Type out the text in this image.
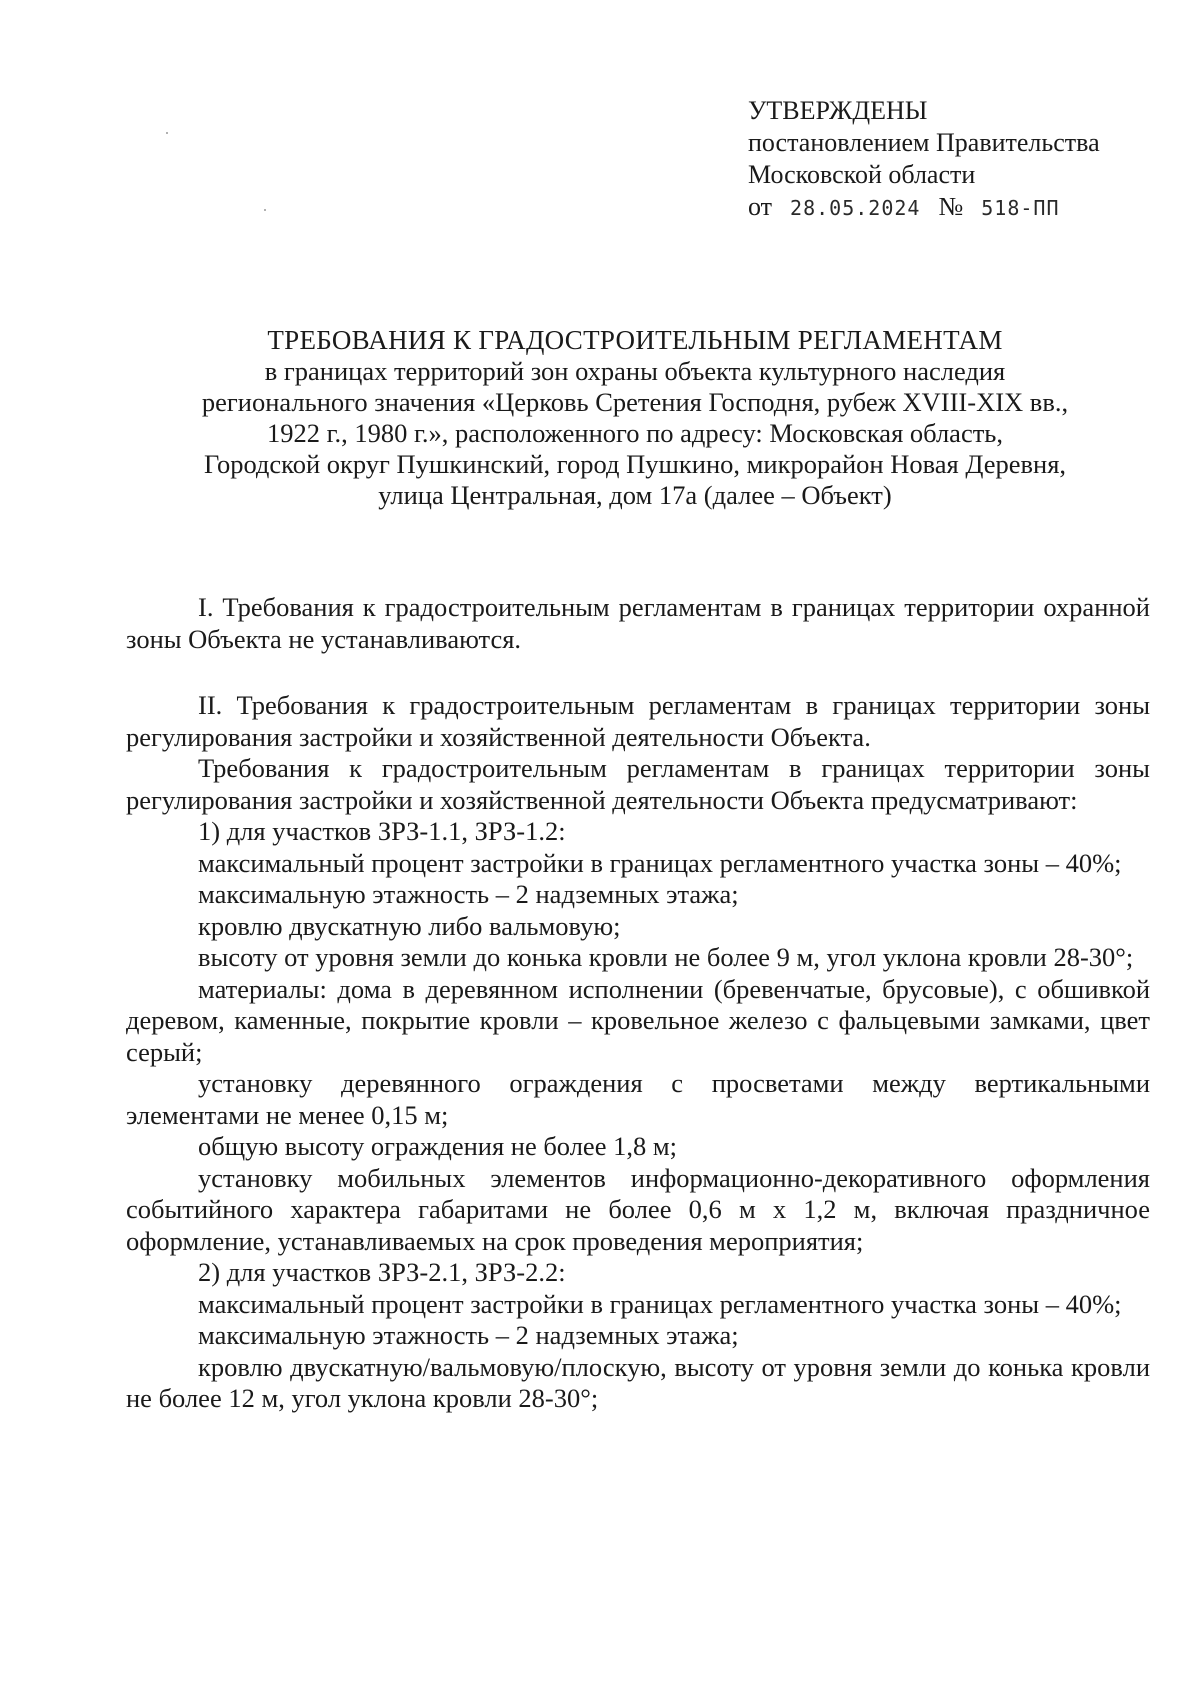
УТВЕРЖДЕНЫ
постановлением Правительства
Московской области
от 28.05.2024 № 518-ПП
ТРЕБОВАНИЯ К ГРАДОСТРОИТЕЛЬНЫМ РЕГЛАМЕНТАМ
в границах территорий зон охраны объекта культурного наследия
регионального значения «Церковь Сретения Господня, рубеж XVIII-XIX вв.,
1922 г., 1980 г.», расположенного по адресу: Московская область,
Городской округ Пушкинский, город Пушкино, микрорайон Новая Деревня,
улица Центральная, дом 17а (далее – Объект)

I. Требования к градостроительным регламентам в границах территории охранной зоны Объекта не устанавливаются.

II. Требования к градостроительным регламентам в границах территории зоны регулирования застройки и хозяйственной деятельности Объекта.

Требования к градостроительным регламентам в границах территории зоны регулирования застройки и хозяйственной деятельности Объекта предусматривают:

1) для участков ЗРЗ-1.1, ЗРЗ-1.2:

максимальный процент застройки в границах регламентного участка зоны – 40%;

максимальную этажность – 2 надземных этажа;

кровлю двускатную либо вальмовую;

высоту от уровня земли до конька кровли не более 9 м, угол уклона кровли 28-30°;

материалы: дома в деревянном исполнении (бревенчатые, брусовые), с обшивкой деревом, каменные, покрытие кровли – кровельное железо с фальцевыми замками, цвет серый;

установку деревянного ограждения с просветами между вертикальными элементами не менее 0,15 м;

общую высоту ограждения не более 1,8 м;

установку мобильных элементов информационно-декоративного оформления событийного характера габаритами не более 0,6 м х 1,2 м, включая праздничное оформление, устанавливаемых на срок проведения мероприятия;

2) для участков ЗРЗ-2.1, ЗРЗ-2.2:

максимальный процент застройки в границах регламентного участка зоны – 40%;

максимальную этажность – 2 надземных этажа;

кровлю двускатную/вальмовую/плоскую, высоту от уровня земли до конька кровли не более 12 м, угол уклона кровли 28-30°;
